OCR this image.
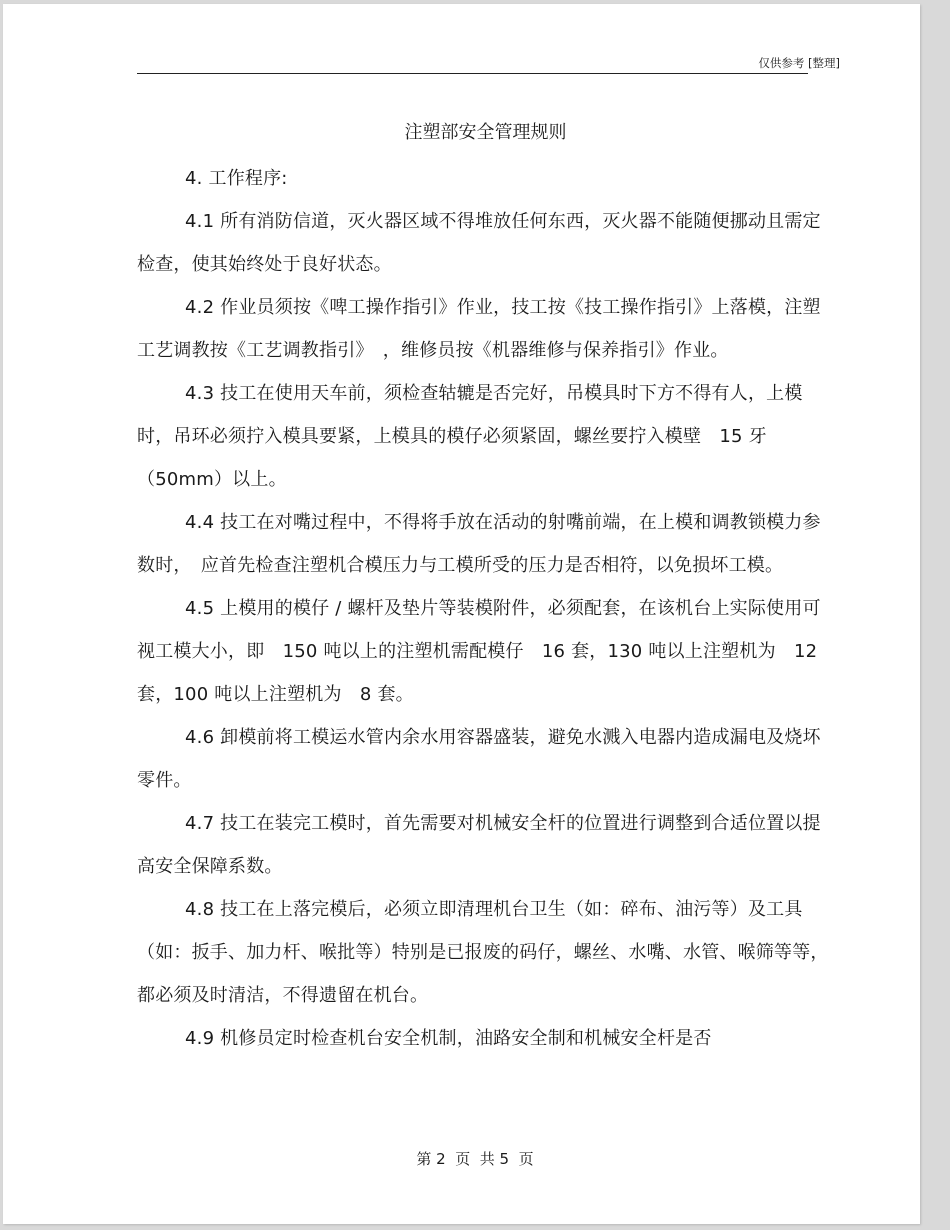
仅供参考 [整理]
注塑部安全管理规则

4. 工作程序:

4.1 所有消防信道，灭火器区域不得堆放任何东西，灭火器不能随便挪动且需定检查，使其始终处于良好状态。

4.2 作业员须按《啤工操作指引》作业，技工按《技工操作指引》上落模，注塑工艺调教按《工艺调教指引》　，维修员按《机器维修与保养指引》作业。

4.3 技工在使用天车前，须检查轱辘是否完好，吊模具时下方不得有人，上模时，吊环必须拧入模具要紧，上模具的模仔必须紧固，螺丝要拧入模壁　15 牙（50mm）以上。

4.4 技工在对嘴过程中，不得将手放在活动的射嘴前端，在上模和调教锁模力参数时，　应首先检查注塑机合模压力与工模所受的压力是否相符，以免损坏工模。

4.5 上模用的模仔 / 螺杆及垫片等装模附件，必须配套，在该机台上实际使用可视工模大小，即　150 吨以上的注塑机需配模仔　16 套，130 吨以上注塑机为　12 套，100 吨以上注塑机为　8 套。

4.6 卸模前将工模运水管内余水用容器盛装，避免水溅入电器内造成漏电及烧坏零件。

4.7 技工在装完工模时，首先需要对机械安全杆的位置进行调整到合适位置以提高安全保障系数。

4.8 技工在上落完模后，必须立即清理机台卫生（如：碎布、油污等）及工具（如：扳手、加力杆、喉批等）特别是已报废的码仔，螺丝、水嘴、水管、喉筛等等，都必须及时清洁，不得遗留在机台。

4.9 机修员定时检查机台安全机制，油路安全制和机械安全杆是否

第 2  页  共 5  页
